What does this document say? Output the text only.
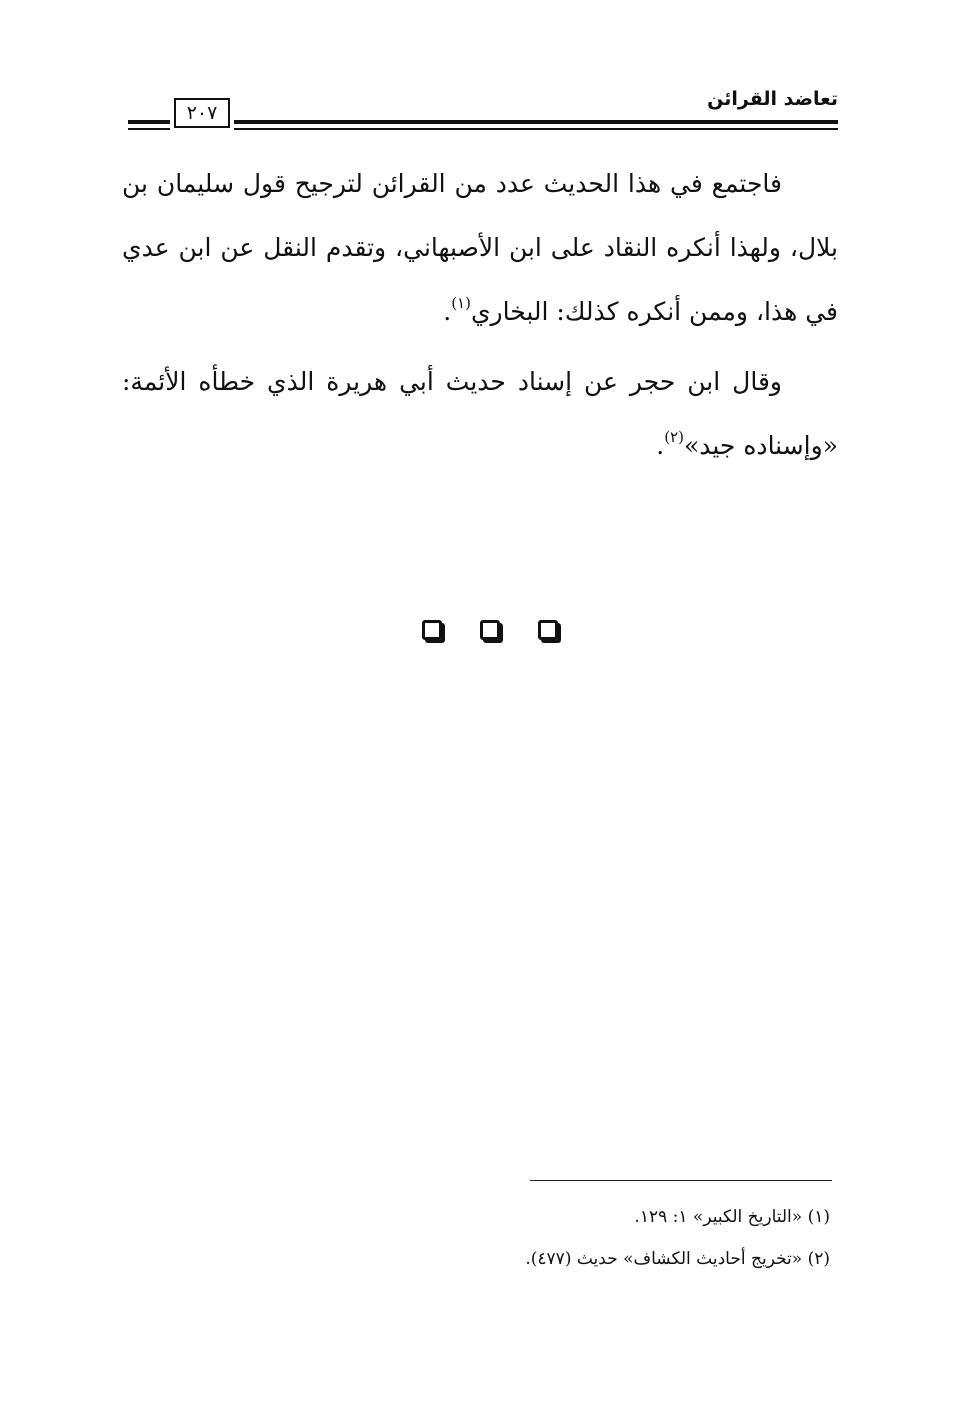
تعاضد القرائن
٢٠٧

فاجتمع في هذا الحديث عدد من القرائن لترجيح قول سليمان بن بلال، ولهذا أنكره النقاد على ابن الأصبهاني، وتقدم النقل عن ابن عدي في هذا، وممن أنكره كذلك: البخاري$^{(١)}$.

وقال ابن حجر عن إسناد حديث أبي هريرة الذي خطأه الأئمة: «وإسناده جيد»$^{(٢)}$.

(١) «التاريخ الكبير» ١: ١٢٩.

(٢) «تخريج أحاديث الكشاف» حديث (٤٧٧).
